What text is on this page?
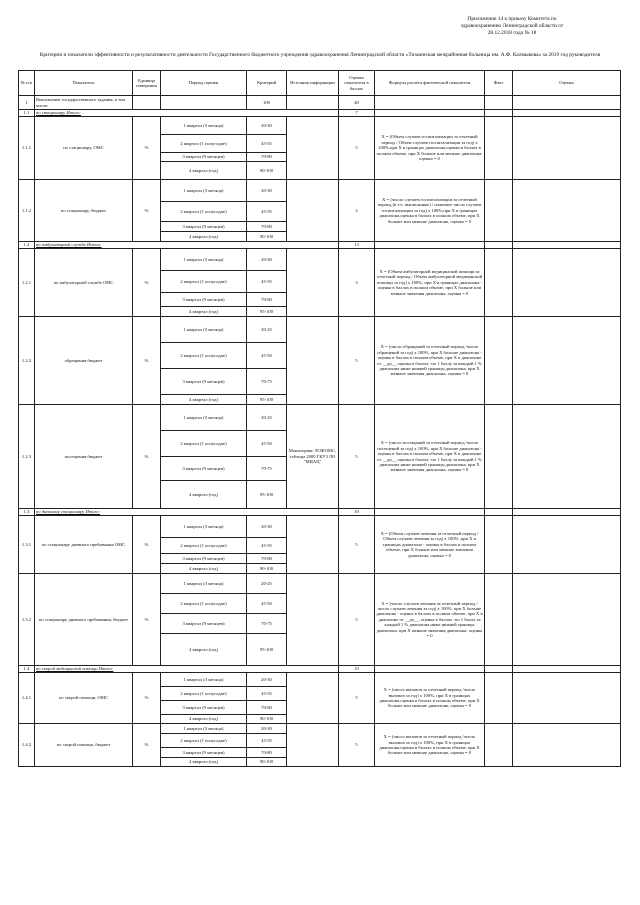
Приложение 14 к приказу Комитета по
здравоохранению Ленинградской области от
28.12.2018 года № 18
Критерии и показатели эффективности и результативности деятельности Государственного бюджетного учреждения здравоохранения Ленинградской области «Тихвинская межрайонная больница им. А.Ф. Калмыкова» за 2019 год руководителя
№ п/п	Показатель	Единица измерения	Период оценки	Критерий	Источник информации	Оценка показателя в баллах	Формула расчета фактической показателя	Факт	Оценка
1	Выполнение государственного задания, в том числе:			100		40			
1.1	по стационару Итого:					7			
1.1.1	по стационару, ОМС	%	1 квартал (3 месяца)	20-30		5	Х = (Объем случаев госпитализации за отчетный период / Объем случаев госпитализации за год) х 100%,при Х в границах диапазона,оценка в баллах в полном объеме, при Х больше или меньше диапазона, оценка = 0		
			2 квартал (1 полугодие)	45-55					
			3 квартал (9 месяцев)	70-80					
			4 квартал (год)	90-100					
1.1.2	по стационару, бюджет	%	1 квартал (3 месяца)	20-30		2	Х = (число случаев госпитализации за отчетный период (в т.ч. выписанные) / плановое число случаев госпитализации за год) х 100%,при Х в границах диапазона,оценка в баллах в полном объеме, при Х больше или меньше диапазона, оценка = 0		
			2 квартал (1 полугодие)	45-55					
			3 квартал (9 месяцев)	70-80					
			4 квартал (год)	90-100					
1.2	по амбулаторной службе Итого:					13			
1.2.1	по амбулаторной службе ОМС	%	1 квартал (3 месяца)	20-30		3	Х = [Объем амбулаторной медицинской помощи за отчетный период / Объем амбулаторной медицинской помощи за год] х 100%, при Х в границах диапазона - оценка в баллах в полном объеме, при Х больше или меньше значения диапазона, оценка = 0		
			2 квартал (1 полугодие)	45-55					
			3 квартал (9 месяцев)	70-80					
			4 квартал (год)	95-100					
1.2.2	обращения бюджет	%	1 квартал (3 месяца)	20-25		5	Х = (число обращений за отчетный период /число обращений за год) х 100%, при Х больше диапазона - оценка в баллах в полном объеме, при Х в диапазоне от __до__ оценка в баллах -по 1 баллу за каждый 1 % диапазона ниже нижней границы диапазона, при Х меньше значения диапазона, оценка = 0		
			2 квартал (1 полугодие)	45-50					
			3 квартал (9 месяцев)	70-75					
			4 квартал (год)	95-100					
1.2.3	посещения бюджет	%	1 квартал (3 месяца)	20-25	Мониторинг ЛОФОМС, таблица 2000 ГКУЗ ЛО "МИАЦ"	5	Х = (число посещений за отчетный период /число посещений за год) х 100%, при Х больше диапазона - оценка в баллах в полном объеме, при Х в диапазоне от __до__ оценка в баллах -по 1 баллу за каждый 1 % диапазона ниже нижней границы диапазона, при Х меньше значения диапазона, оценка = 0		
			2 квартал (1 полугодие)	45-50					
			3 квартал (9 месяцев)	70-75					
			4 квартал (год)	95-100					
1.3	по дневному стационару Итого:					10			
1.3.1	по стационару дневного пребывания ОМС	%	1 квартал (3 месяца)	20-30		5	Х = (Объем случаев лечения за отчетный период / Объем случаев лечения за год) х 100% ,при Х в границах диапазона - оценка в баллах в полном объеме, при Х больше или меньше значения диапазона, оценка = 0		
			2 квартал (1 полугодие)	45-55					
			3 квартал (9 месяцев)	70-80					
			4 квартал (год)	90-100					
1.3.2	по стационару дневного пребывания, бюджет	%	1 квартал (3 месяца)	20-25		5	Х = (число случаев лечения за отчетный период /число случаев лечения за год) х 100%, при Х больше диапазона - оценка в баллах в полном объеме, при Х в диапазоне от __до__, оценка в баллах -по 1 баллу за каждый 1 % диапазона ниже нижней границы диапазона, при Х меньше значения диапазона, оценка = 0		
			2 квартал (1 полугодие)	45-50					
			3 квартал (9 месяцев)	70-75					
			4 квартал (год)	95-100					
1.4	по скорой медицинской помощи Итого:					10			
1.4.1	по скорой помощи, ОМС	%	1 квартал (3 месяца)	20-30		5	Х = (число вызовов за отчетный период /число вызовов за год) х 100%, при Х в границах диапазона,оценка в баллах в полном объеме, при Х больше или меньше диапазона, оценка = 0		
			2 квартал (1 полугодие)	45-55					
			3 квартал (9 месяцев)	70-80					
			4 квартал (год)	90-100					
1.4.2	по скорой помощи, бюджет	%	1 квартал (3 месяца)	20-30		5	Х = (число вызовов за отчетный период /число вызовов за год) х 100%, при Х в границах диапазона,оценка в баллах в полном объеме, при Х больше или меньше диапазона, оценка = 0		
			2 квартал (1 полугодие)	45-55					
			3 квартал (9 месяцев)	70-80					
			4 квартал (год)	90-100					
